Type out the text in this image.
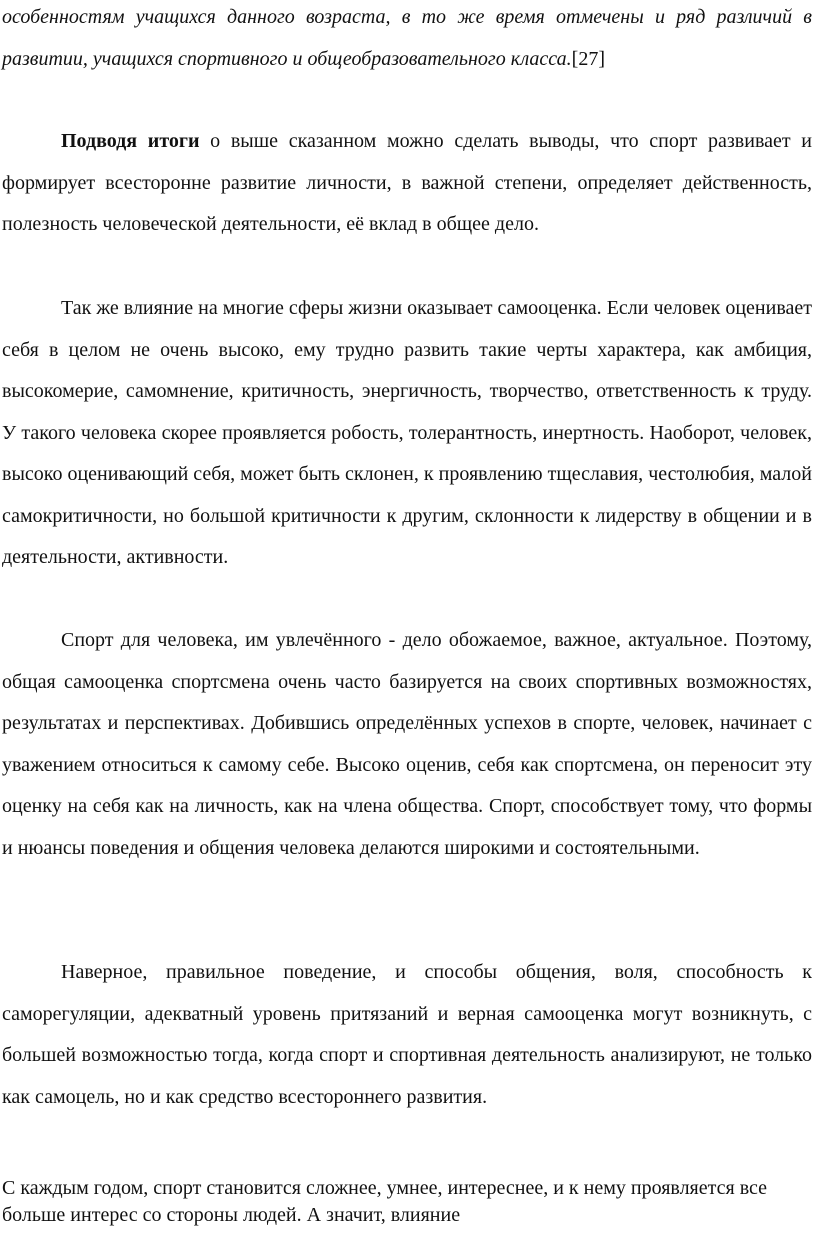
особенностям учащихся данного возраста, в то же время отмечены и ряд различий в развитии, учащихся спортивного и общеобразовательного класса.[27]

Подводя итоги о выше сказанном можно сделать выводы, что спорт развивает и формирует всесторонне развитие личности, в важной степени, определяет действенность, полезность человеческой деятельности, её вклад в общее дело.

Так же влияние на многие сферы жизни оказывает самооценка. Если человек оценивает себя в целом не очень высоко, ему трудно развить такие черты характера, как амбиция, высокомерие, самомнение, критичность, энергичность, творчество, ответственность к труду. У такого человека скорее проявляется робость, толерантность, инертность. Наоборот, человек, высоко оценивающий себя, может быть склонен, к проявлению тщеславия, честолюбия, малой самокритичности, но большой критичности к другим, склонности к лидерству в общении и в деятельности, активности.

Спорт для человека, им увлечённого - дело обожаемое, важное, актуальное. Поэтому, общая самооценка спортсмена очень часто базируется на своих спортивных возможностях, результатах и перспективах. Добившись определённых успехов в спорте, человек, начинает с уважением относиться к самому себе. Высоко оценив, себя как спортсмена, он переносит эту оценку на себя как на личность, как на члена общества. Спорт, способствует тому, что формы и нюансы поведения и общения человека делаются широкими и состоятельными.

Наверное, правильное поведение, и способы общения, воля, способность к саморегуляции, адекватный уровень притязаний и верная самооценка могут возникнуть, с большей возможностью тогда, когда спорт и спортивная деятельность анализируют, не только как самоцель, но и как средство всестороннего развития.

С каждым годом, спорт становится сложнее, умнее, интереснее, и к нему проявляется все больше интерес со стороны людей. А значит, влияние
